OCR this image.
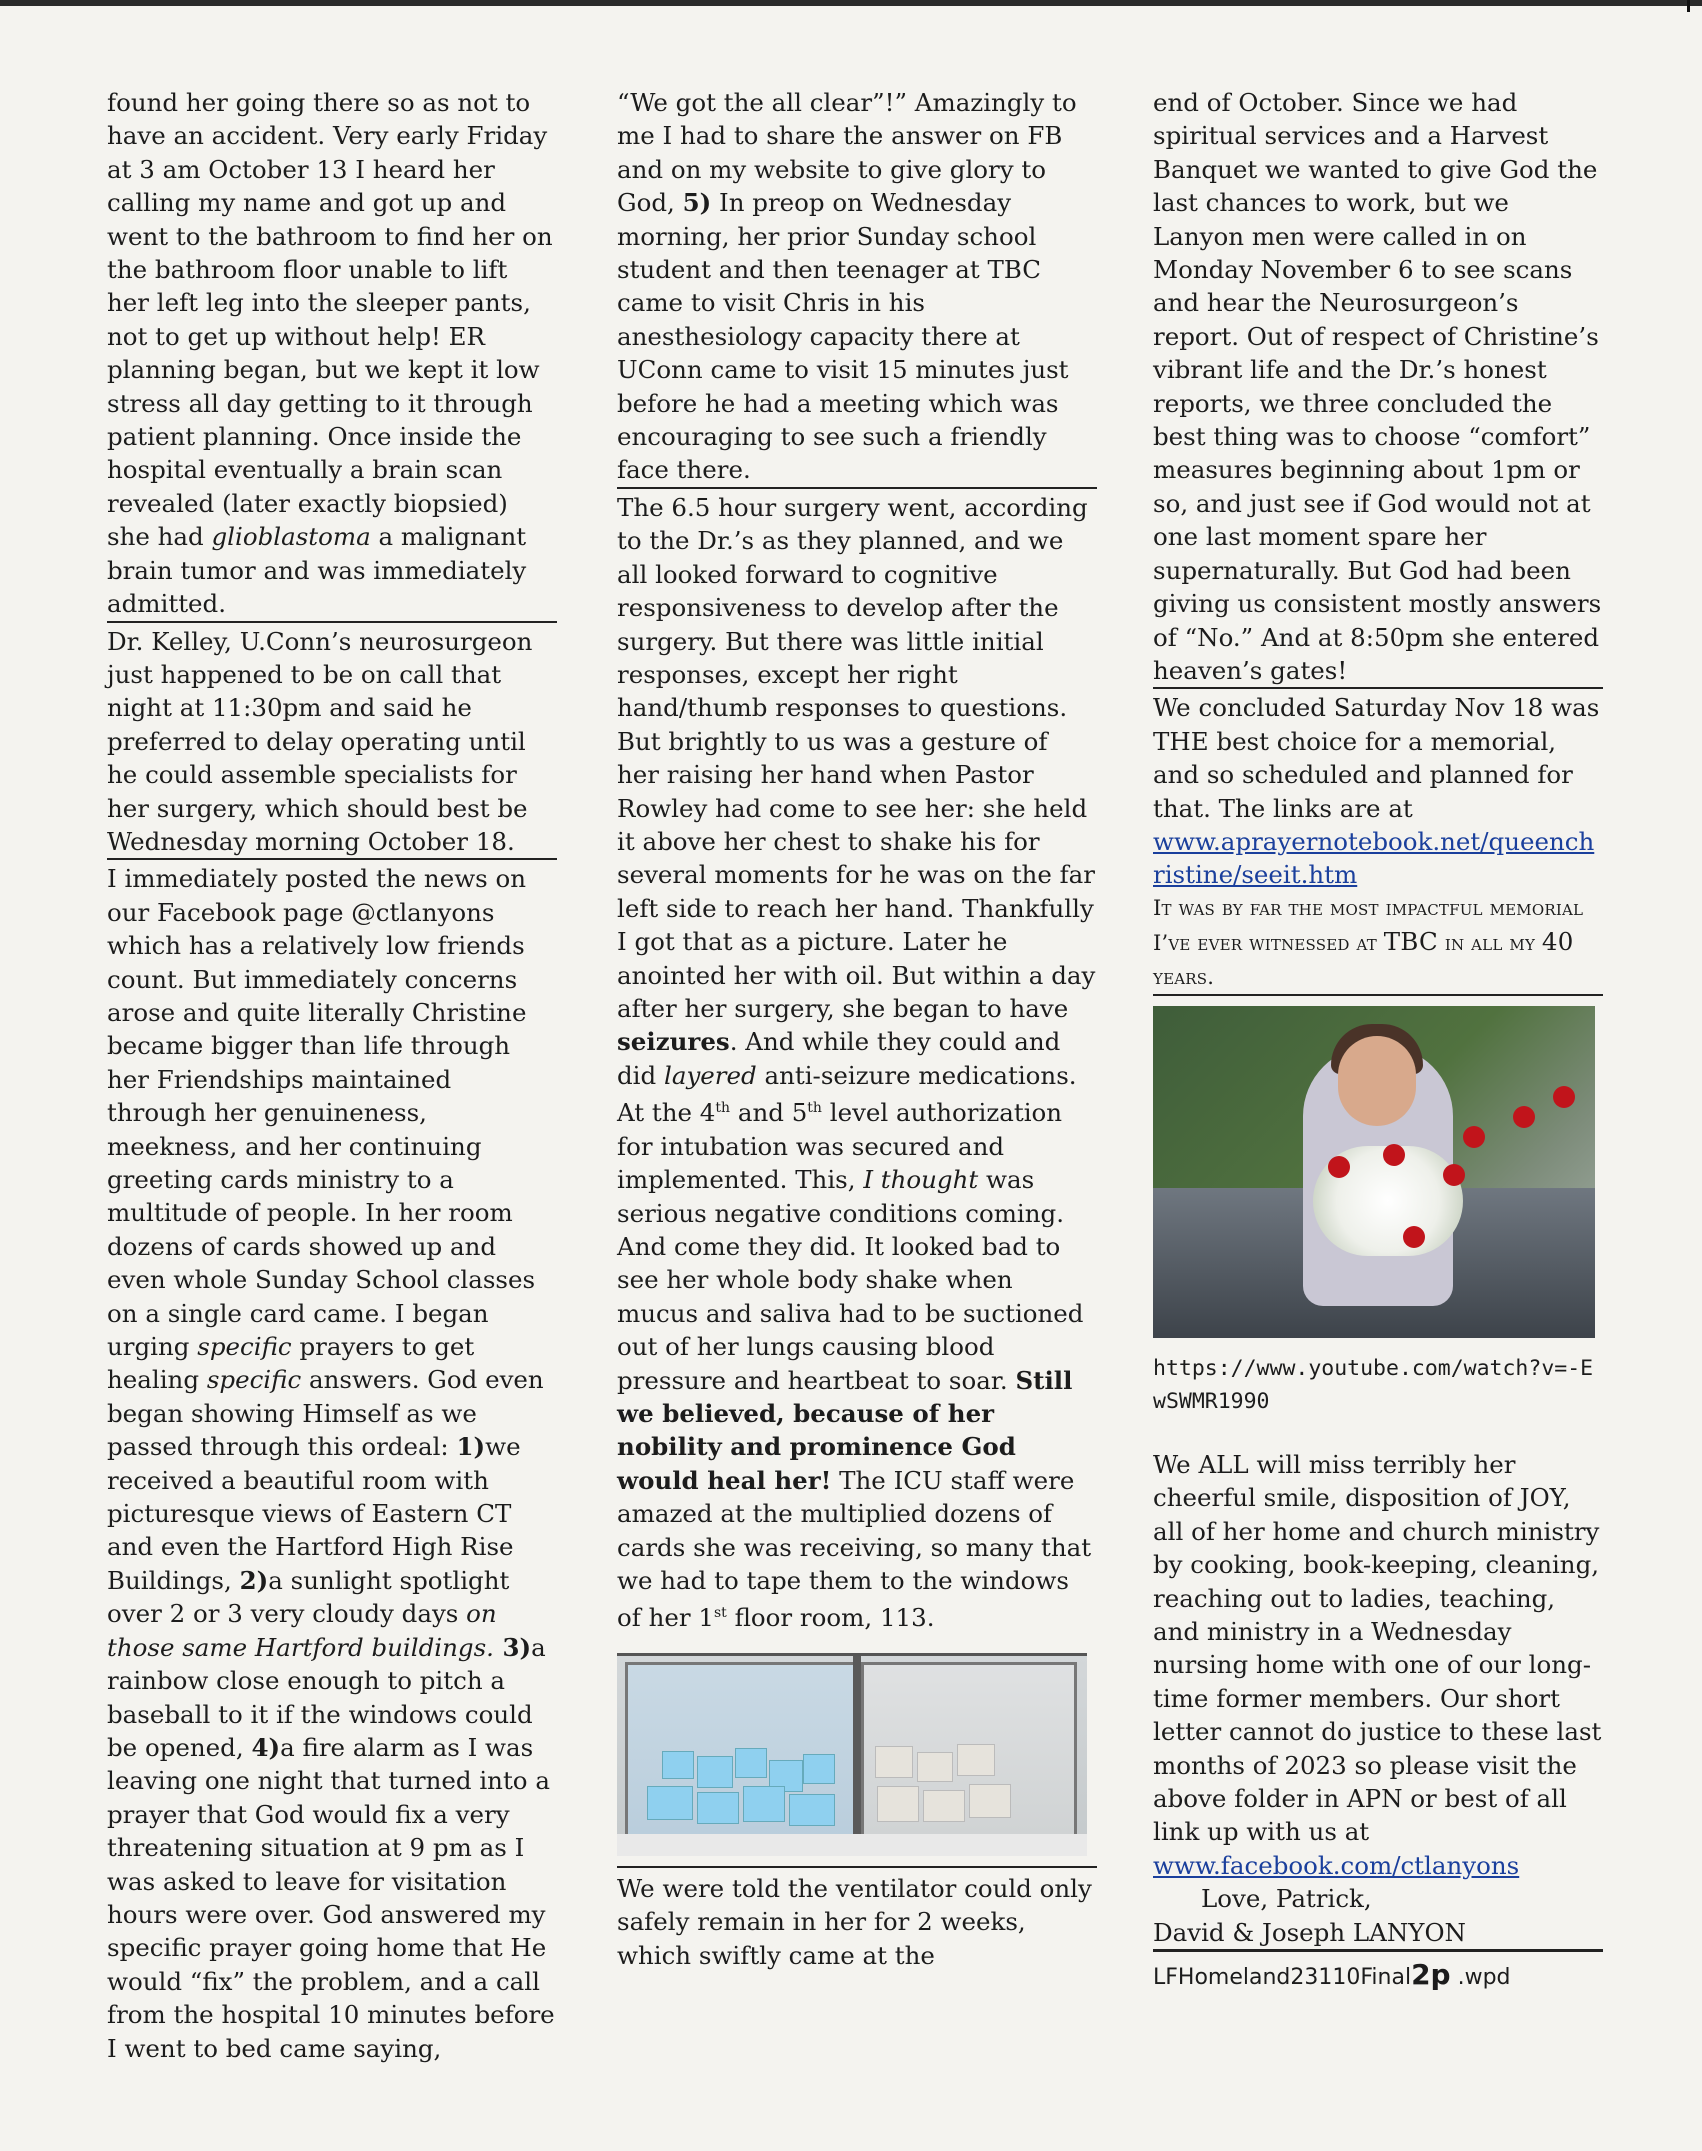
found her going there so as not to have an accident. Very early Friday at 3 am October 13 I heard her calling my name and got up and went to the bathroom to find her on the bathroom floor unable to lift her left leg into the sleeper pants, not to get up without help! ER planning began, but we kept it low stress all day getting to it through patient planning. Once inside the hospital eventually a brain scan revealed (later exactly biopsied) she had glioblastoma a malignant brain tumor and was immediately admitted.

Dr. Kelley, U.Conn’s neurosurgeon just happened to be on call that night at 11:30pm and said he preferred to delay operating until he could assemble specialists for her surgery, which should best be Wednesday morning October 18.

I immediately posted the news on our Facebook page @ctlanyons which has a relatively low friends count. But immediately concerns arose and quite literally Christine became bigger than life through her Friendships maintained through her genuineness, meekness, and her continuing greeting cards ministry to a multitude of people. In her room dozens of cards showed up and even whole Sunday School classes on a single card came. I began urging specific prayers to get healing specific answers. God even began showing Himself as we passed through this ordeal: 1)we received a beautiful room with picturesque views of Eastern CT and even the Hartford High Rise Buildings, 2)a sunlight spotlight over 2 or 3 very cloudy days on those same Hartford buildings. 3)a rainbow close enough to pitch a baseball to it if the windows could be opened, 4)a fire alarm as I was leaving one night that turned into a prayer that God would fix a very threatening situation at 9 pm as I was asked to leave for visitation hours were over. God answered my specific prayer going home that He would “fix” the problem, and a call from the hospital 10 minutes before I went to bed came saying,

“We got the all clear”!” Amazingly to me I had to share the answer on FB and on my website to give glory to God, 5) In preop on Wednesday morning, her prior Sunday school student and then teenager at TBC came to visit Chris in his anesthesiology capacity there at UConn came to visit 15 minutes just before he had a meeting which was encouraging to see such a friendly face there.

The 6.5 hour surgery went, according to the Dr.’s as they planned, and we all looked forward to cognitive responsiveness to develop after the surgery. But there was little initial responses, except her right hand/thumb responses to questions. But brightly to us was a gesture of her raising her hand when Pastor Rowley had come to see her: she held it above her chest to shake his for several moments for he was on the far left side to reach her hand. Thankfully I got that as a picture. Later he anointed her with oil. But within a day after her surgery, she began to have seizures. And while they could and did layered anti-seizure medications. At the 4th and 5th level authorization for intubation was secured and implemented. This, I thought was serious negative conditions coming. And come they did. It looked bad to see her whole body shake when mucus and saliva had to be suctioned out of her lungs causing blood pressure and heartbeat to soar. Still we believed, because of her nobility and prominence God would heal her! The ICU staff were amazed at the multiplied dozens of cards she was receiving, so many that we had to tape them to the windows of her 1st floor room, 113.

We were told the ventilator could only safely remain in her for 2 weeks, which swiftly came at the

end of October. Since we had spiritual services and a Harvest Banquet we wanted to give God the last chances to work, but we Lanyon men were called in on Monday November 6 to see scans and hear the Neurosurgeon’s report. Out of respect of Christine’s vibrant life and the Dr.’s honest reports, we three concluded the best thing was to choose “comfort” measures beginning about 1pm or so, and just see if God would not at one last moment spare her supernaturally. But God had been giving us consistent mostly answers of “No.” And at 8:50pm she entered heaven’s gates!

We concluded Saturday Nov 18 was THE best choice for a memorial, and so scheduled and planned for that. The links are at

www.aprayernotebook.net/queenchristine/seeit.htm

It was by far the most impactful memorial I’ve ever witnessed at TBC in all my 40 years.

https://www.youtube.com/watch?v=-EwSWMR1990

We ALL will miss terribly her cheerful smile, disposition of JOY, all of her home and church ministry by cooking, book-keeping, cleaning, reaching out to ladies, teaching, and ministry in a Wednesday nursing home with one of our long-time former members. Our short letter cannot do justice to these last months of 2023 so please visit the above folder in APN or best of all link up with us at

www.facebook.com/ctlanyons

Love, Patrick,

David & Joseph LANYON

LFHomeland23110Final2p .wpd
